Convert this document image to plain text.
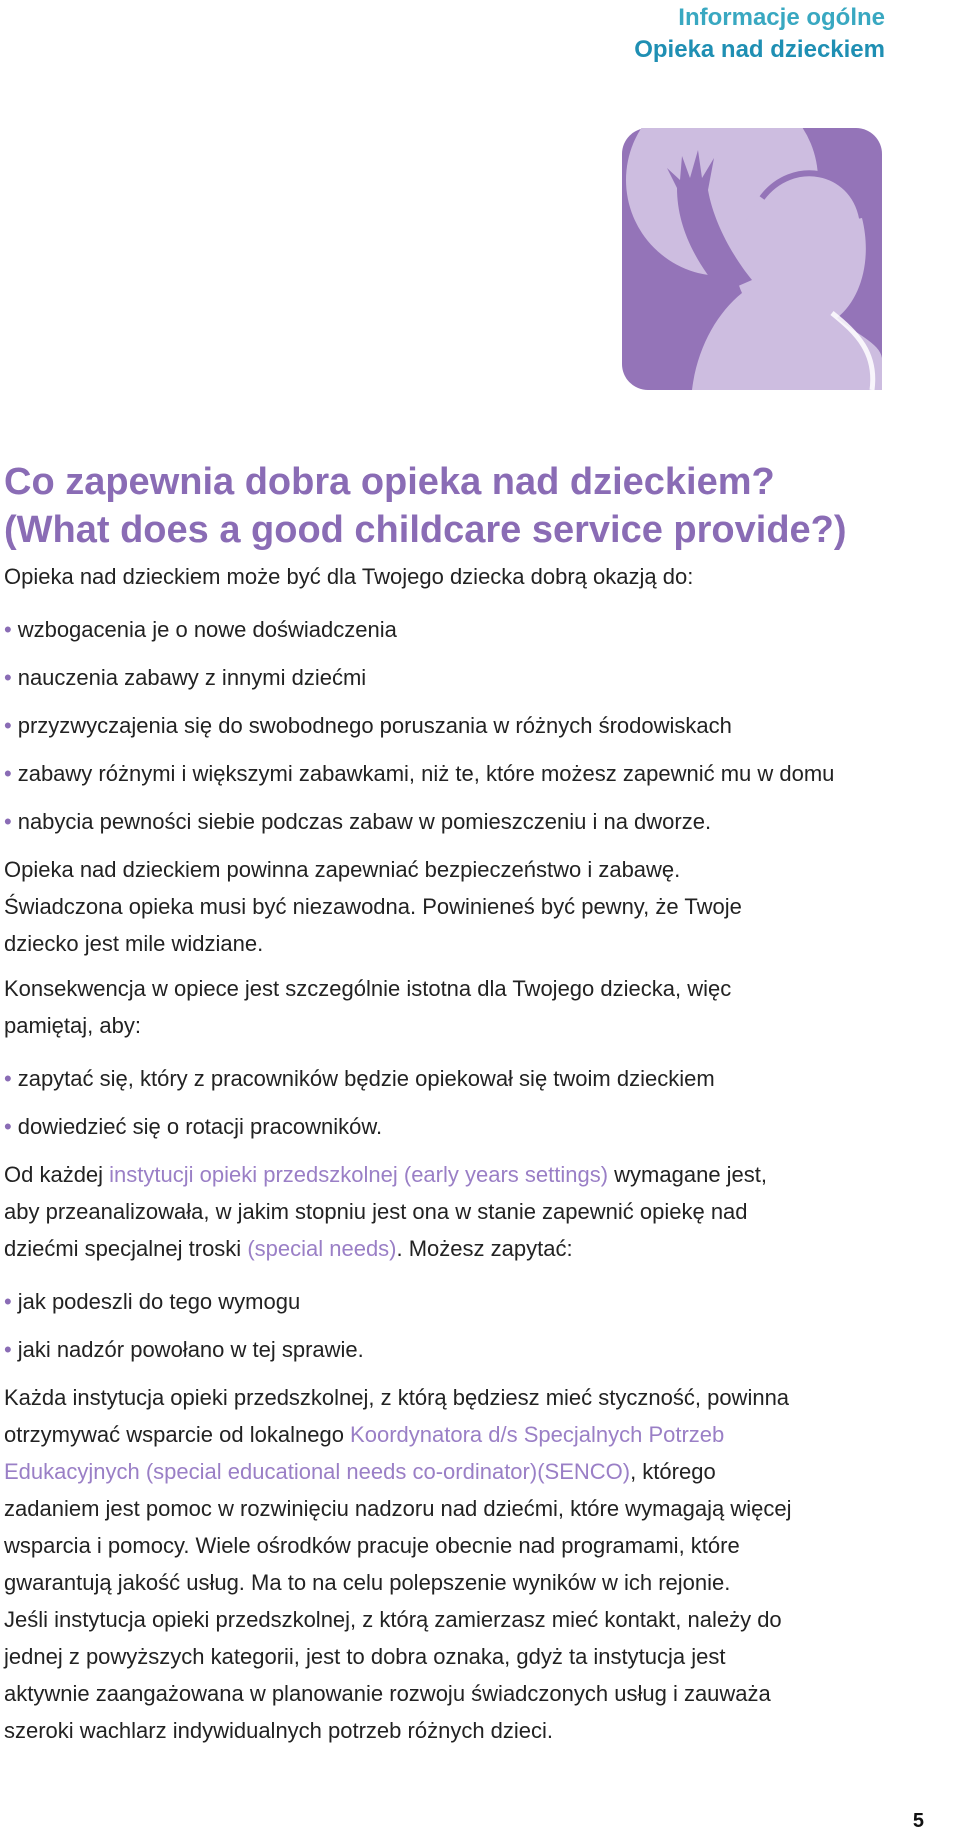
Informacje ogólne
Opieka nad dzieckiem
Co zapewnia dobra opieka nad dzieckiem?
(What does a good childcare service provide?)

Opieka nad dzieckiem może być dla Twojego dziecka dobrą okazją do:

• wzbogacenia je o nowe doświadczenia
• nauczenia zabawy z innymi dziećmi
• przyzwyczajenia się do swobodnego poruszania w różnych środowiskach
• zabawy różnymi i większymi zabawkami, niż te, które możesz zapewnić mu w domu
• nabycia pewności siebie podczas zabaw w pomieszczeniu i na dworze.

Opieka nad dzieckiem powinna zapewniać bezpieczeństwo i zabawę.

Świadczona opieka musi być niezawodna. Powinieneś być pewny, że Twoje
dziecko jest mile widziane.

Konsekwencja w opiece jest szczególnie istotna dla Twojego dziecka, więc
pamiętaj, aby:

• zapytać się, który z pracowników będzie opiekował się twoim dzieckiem
• dowiedzieć się o rotacji pracowników.

Od każdej instytucji opieki przedszkolnej (early years settings) wymagane jest,
aby przeanalizowała, w jakim stopniu jest ona w stanie zapewnić opiekę nad
dziećmi specjalnej troski (special needs). Możesz zapytać:

• jak podeszli do tego wymogu
• jaki nadzór powołano w tej sprawie.

Każda instytucja opieki przedszkolnej, z którą będziesz mieć styczność, powinna
otrzymywać wsparcie od lokalnego Koordynatora d/s Specjalnych Potrzeb
Edukacyjnych (special educational needs co-ordinator)(SENCO), którego
zadaniem jest pomoc w rozwinięciu nadzoru nad dziećmi, które wymagają więcej
wsparcia i pomocy. Wiele ośrodków pracuje obecnie nad programami, które
gwarantują jakość usług. Ma to na celu polepszenie wyników w ich rejonie.

Jeśli instytucja opieki przedszkolnej, z którą zamierzasz mieć kontakt, należy do
jednej z powyższych kategorii, jest to dobra oznaka, gdyż ta instytucja jest
aktywnie zaangażowana w planowanie rozwoju świadczonych usług i zauważa
szeroki wachlarz indywidualnych potrzeb różnych dzieci.

5
